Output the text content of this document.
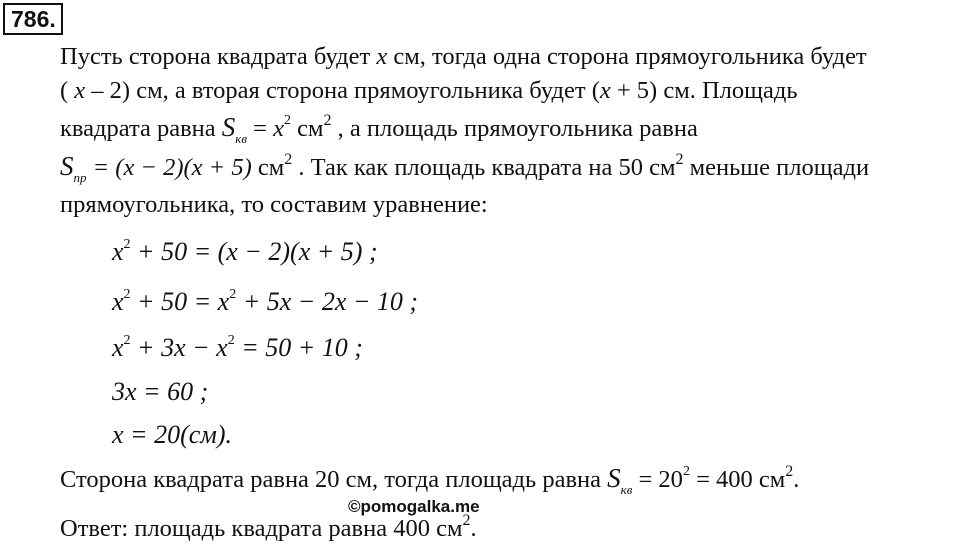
786.
Пусть сторона квадрата будет x см, тогда одна сторона прямоугольника будет
( x – 2) см, а вторая сторона прямоугольника будет (x + 5) см. Площадь
квадрата равна $S_{кв} = x^2$ $см^2$ , а площадь прямоугольника равна
$S_{пр} = (x - 2)(x + 5)$ $см^2$ . Так как площадь квадрата на 50 $см^2$ меньше площади
прямоугольника, то составим уравнение:
$x^2 + 50 = (x - 2)(x + 5)$ ;
$x^2 + 50 = x^2 + 5x - 2x - 10$ ;
$x^2 + 3x - x^2 = 50 + 10$ ;
3x = 60 ;
x = 20(см).
Сторона квадрата равна 20 см, тогда площадь равна $S_{кв} = 20^2 = 400$ $см^2$.
©pomogalka.me
Ответ: площадь квадрата равна 400 $см^2$.
